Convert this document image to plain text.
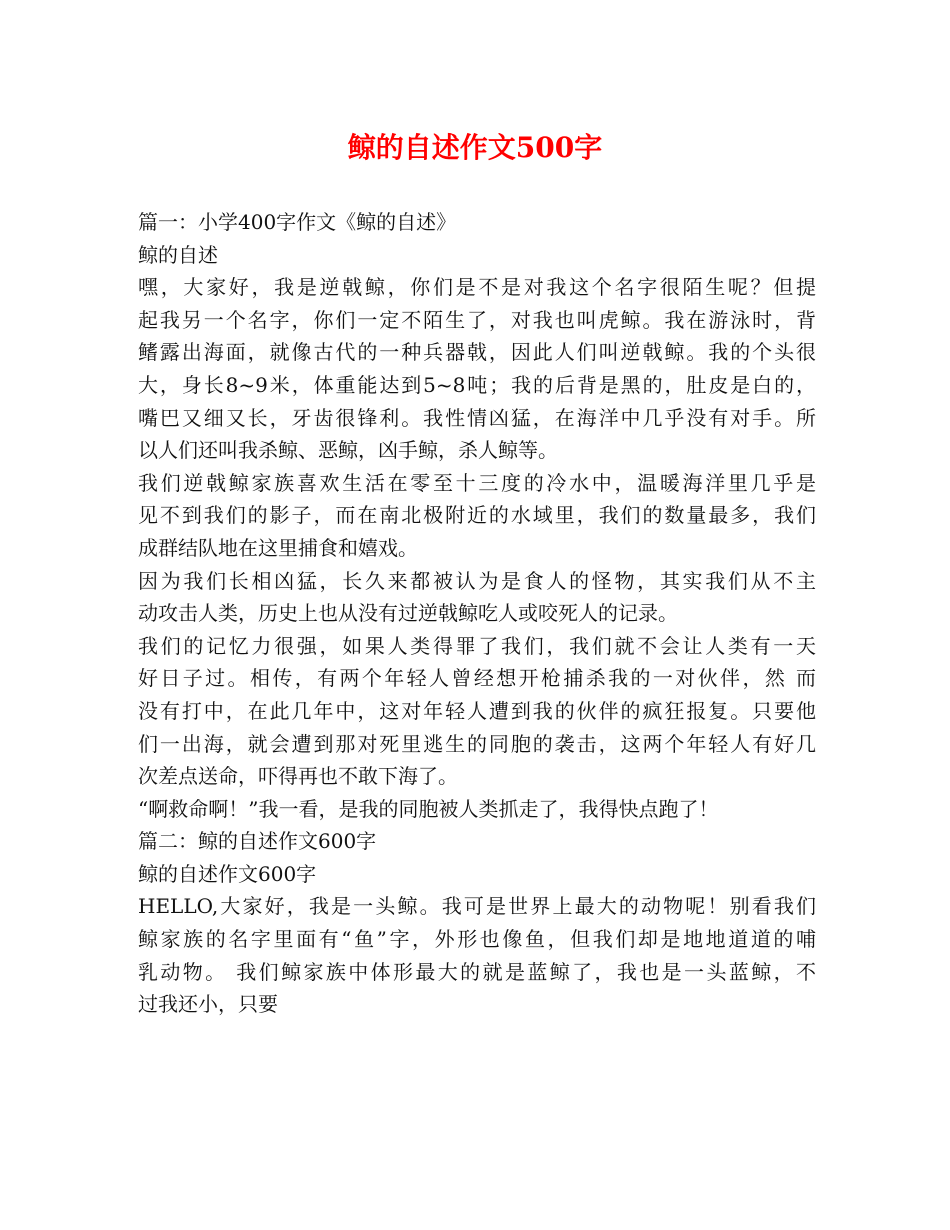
鲸的自述作文500字
篇一：小学400字作文《鲸的自述》
鲸的自述
嘿，大家好，我是逆戟鲸，你们是不是对我这个名字很陌生呢？但提
起我另一个名字，你们一定不陌生了，对我也叫虎鲸。我在游泳时，背
鳍露出海面，就像古代的一种兵器戟，因此人们叫逆戟鲸。我的个头很
大，身长8~9米，体重能达到5~8吨；我的后背是黑的，肚皮是白的，
嘴巴又细又长，牙齿很锋利。我性情凶猛，在海洋中几乎没有对手。所
以人们还叫我杀鲸、恶鲸，凶手鲸，杀人鲸等。
我们逆戟鲸家族喜欢生活在零至十三度的冷水中，温暖海洋里几乎是
见不到我们的影子，而在南北极附近的水域里，我们的数量最多，我们
成群结队地在这里捕食和嬉戏。
因为我们长相凶猛，长久来都被认为是食人的怪物，其实我们从不主
动攻击人类，历史上也从没有过逆戟鲸吃人或咬死人的记录。
我们的记忆力很强，如果人类得罪了我们，我们就不会让人类有一天
好日子过。相传，有两个年轻人曾经想开枪捕杀我的一对伙伴，然 而
没有打中，在此几年中，这对年轻人遭到我的伙伴的疯狂报复。只要他
们一出海，就会遭到那对死里逃生的同胞的袭击，这两个年轻人有好几
次差点送命，吓得再也不敢下海了。
“啊救命啊！”我一看，是我的同胞被人类抓走了，我得快点跑了！
篇二：鲸的自述作文600字
鲸的自述作文600字
HELLO,大家好，我是一头鲸。我可是世界上最大的动物呢！别看我们
鲸家族的名字里面有“鱼”字，外形也像鱼，但我们却是地地道道的哺
乳动物。 我们鲸家族中体形最大的就是蓝鲸了，我也是一头蓝鲸，不
过我还小，只要
